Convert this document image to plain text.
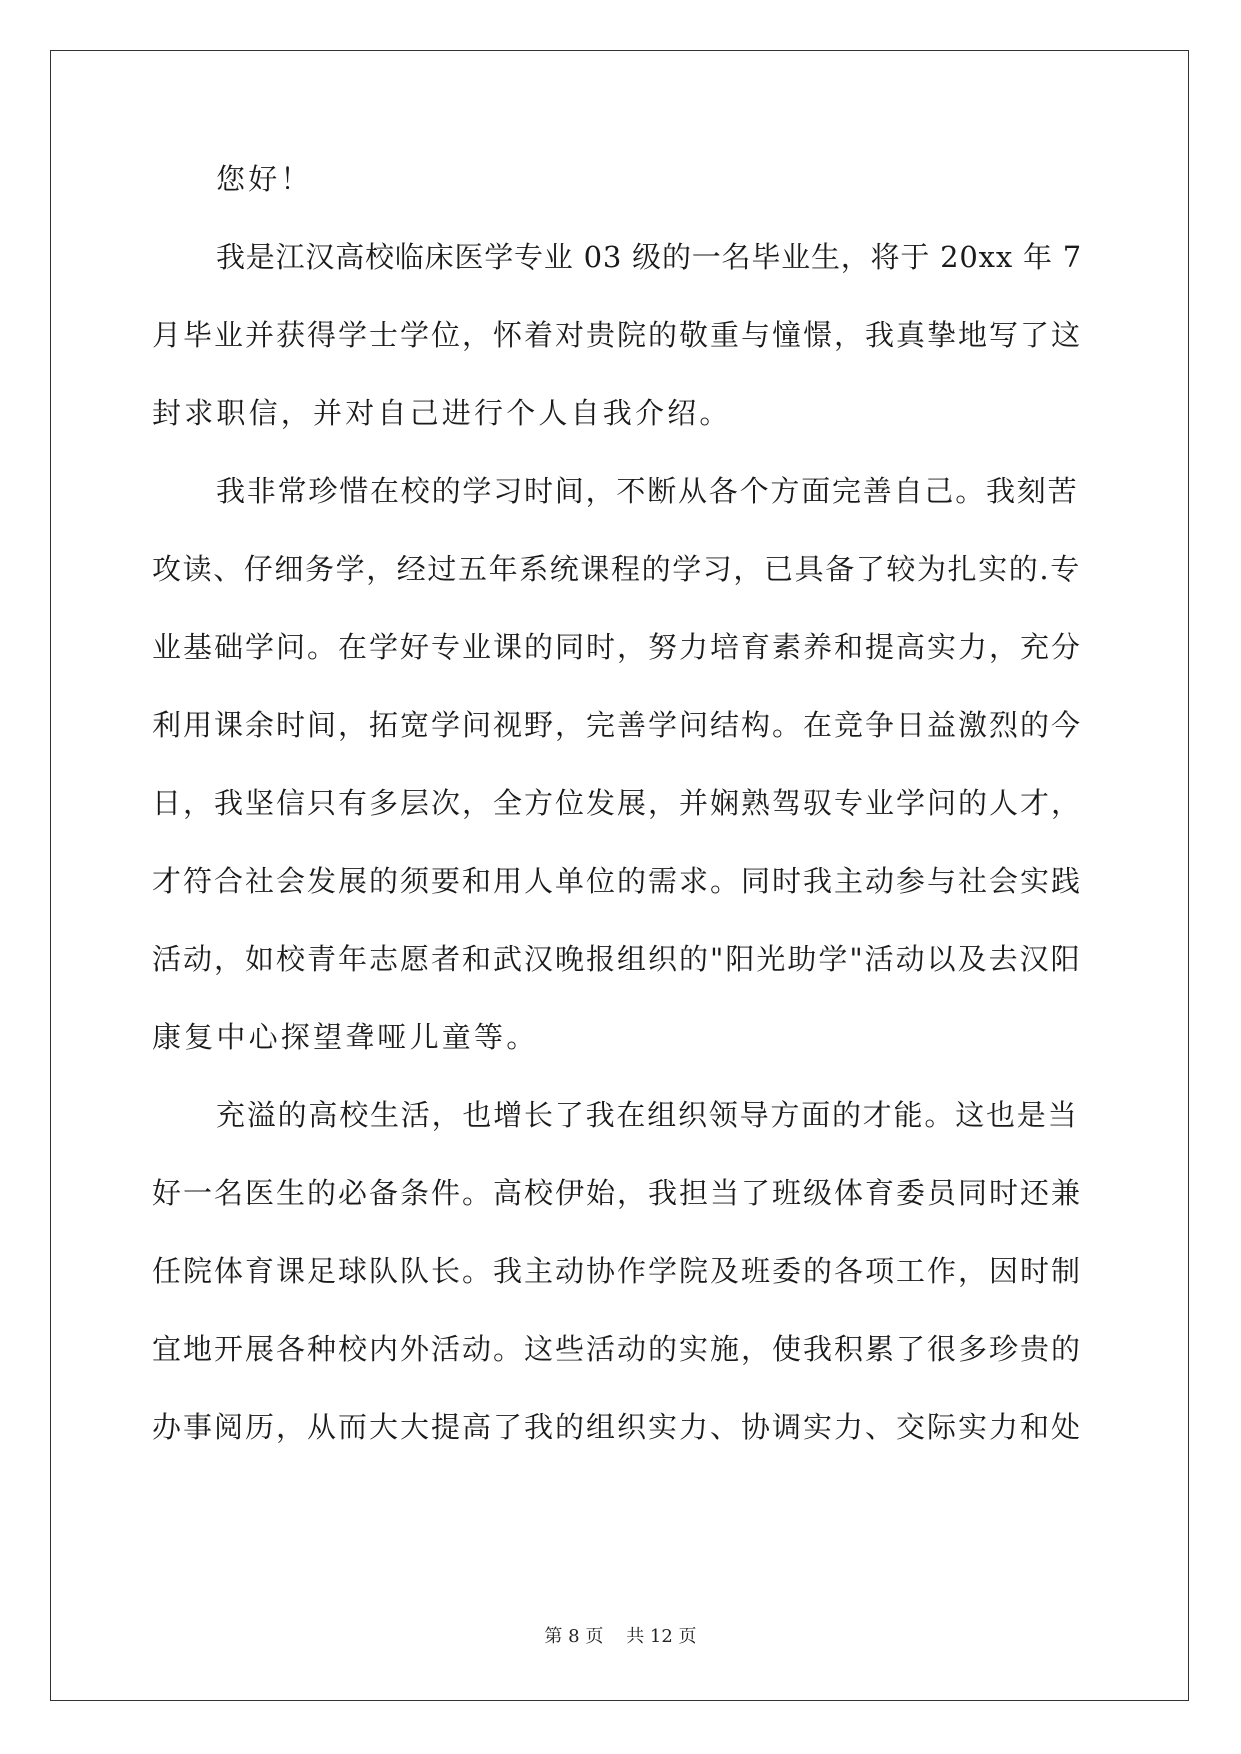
您好！
我是江汉高校临床医学专业 03 级的一名毕业生，将于 20xx 年 7
月毕业并获得学士学位，怀着对贵院的敬重与憧憬，我真挚地写了这
封求职信，并对自己进行个人自我介绍。
我非常珍惜在校的学习时间，不断从各个方面完善自己。我刻苦
攻读、仔细务学，经过五年系统课程的学习，已具备了较为扎实的.专
业基础学问。在学好专业课的同时，努力培育素养和提高实力，充分
利用课余时间，拓宽学问视野，完善学问结构。在竞争日益激烈的今
日，我坚信只有多层次，全方位发展，并娴熟驾驭专业学问的人才，
才符合社会发展的须要和用人单位的需求。同时我主动参与社会实践
活动，如校青年志愿者和武汉晚报组织的"阳光助学"活动以及去汉阳
康复中心探望聋哑儿童等。
充溢的高校生活，也增长了我在组织领导方面的才能。这也是当
好一名医生的必备条件。高校伊始，我担当了班级体育委员同时还兼
任院体育课足球队队长。我主动协作学院及班委的各项工作，因时制
宜地开展各种校内外活动。这些活动的实施，使我积累了很多珍贵的
办事阅历，从而大大提高了我的组织实力、协调实力、交际实力和处
第 8 页    共 12 页
